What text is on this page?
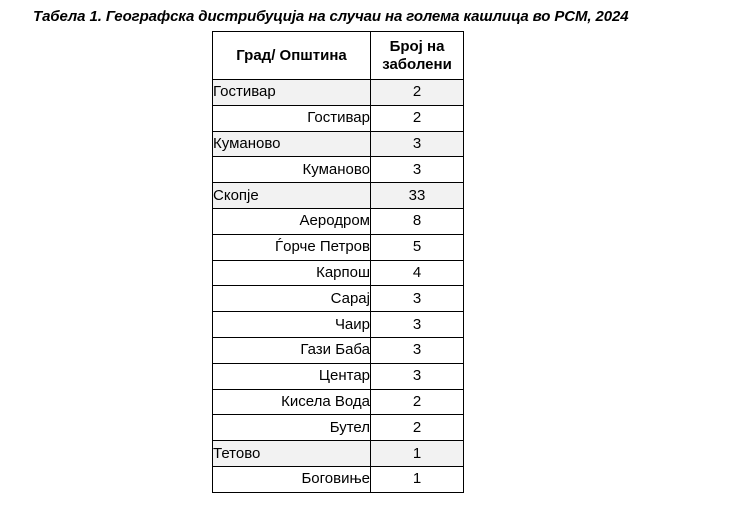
Табела 1. Географска дистрибуција на случаи на голема кашлица во РСМ, 2024
Град/ Општина	Број на
заболени
Гостивар	2
Гостивар	2
Куманово	3
Куманово	3
Скопје	33
Аеродром	8
Ѓорче Петров	5
Карпош	4
Сарај	3
Чаир	3
Гази Баба	3
Центар	3
Кисела Вода	2
Бутел	2
Тетово	1
Боговиње	1
